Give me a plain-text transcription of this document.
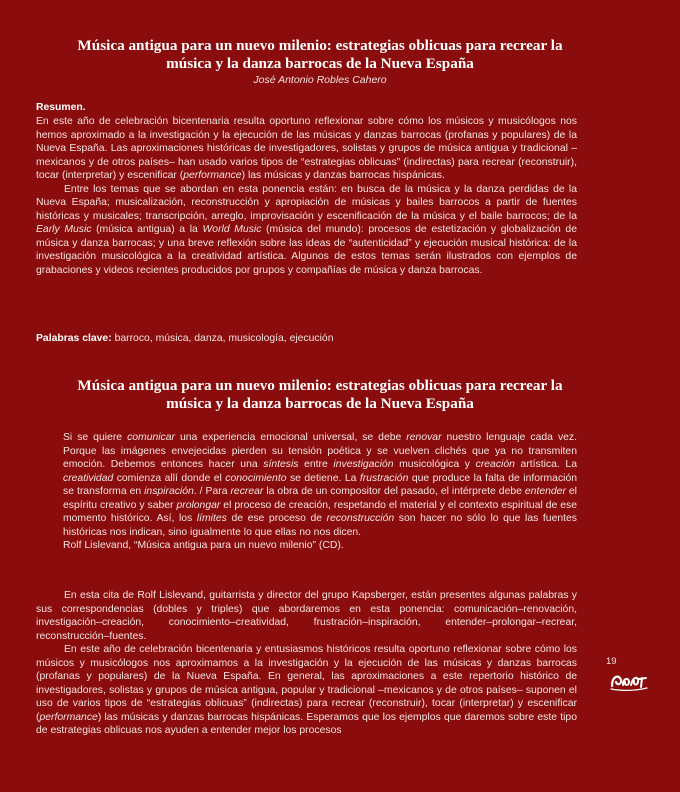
Música antigua para un nuevo milenio: estrategias oblicuas para recrear la
música y la danza barrocas de la Nueva España

José Antonio Robles Cahero

Resumen.

En este año de celebración bicentenaria resulta oportuno reflexionar sobre cómo los músicos y musicólogos nos hemos aproximado a la investigación y la ejecución de las músicas y danzas barrocas (profanas y populares) de la Nueva España. Las aproximaciones históricas de investigadores, solistas y grupos de música antigua y tradicional –mexicanos y de otros países– han usado varios tipos de “estrategias oblicuas” (indirectas) para recrear (reconstruir), tocar (interpretar) y escenificar (performance) las músicas y danzas barrocas hispánicas.

Entre los temas que se abordan en esta ponencia están: en busca de la música y la danza perdidas de la Nueva España; musicalización, reconstrucción y apropiación de músicas y bailes barrocos a partir de fuentes históricas y musicales; transcripción, arreglo, improvisación y escenificación de la música y el baile barrocos; de la Early Music (música antigua) a la World Music (música del mundo): procesos de estetización y globalización de música y danza barrocas; y una breve reflexión sobre las ideas de “autenticidad” y ejecución musical histórica: de la investigación musicológica a la creatividad artística. Algunos de estos temas serán ilustrados con ejemplos de grabaciones y videos recientes producidos por grupos y compañías de música y danza barrocas.

Palabras clave: barroco, música, danza, musicología, ejecución

Música antigua para un nuevo milenio: estrategias oblicuas para recrear la
música y la danza barrocas de la Nueva España

Si se quiere comunicar una experiencia emocional universal, se debe renovar nuestro lenguaje cada vez. Porque las imágenes envejecidas pierden su tensión poética y se vuelven clichés que ya no transmiten emoción. Debemos entonces hacer una síntesis entre investigación musicológica y creación artística. La creatividad comienza allí donde el conocimiento se detiene. La frustración que produce la falta de información se transforma en inspiración. / Para recrear la obra de un compositor del pasado, el intérprete debe entender el espíritu creativo y saber prolongar el proceso de creación, respetando el material y el contexto espiritual de ese momento histórico. Así, los límites de ese proceso de reconstrucción son hacer no sólo lo que las fuentes históricas nos indican, sino igualmente lo que ellas no nos dicen.

Rolf Lislevand, “Música antigua para un nuevo milenio” (CD).

En esta cita de Rolf Lislevand, guitarrista y director del grupo Kapsberger, están presentes algunas palabras y sus correspondencias (dobles y triples) que abordaremos en esta ponencia: comunicación–renovación, investigación–creación, conocimiento–creatividad, frustración–inspiración, entender–prolongar–recrear, reconstrucción–fuentes.

En este año de celebración bicentenaria y entusiasmos históricos resulta oportuno reflexionar sobre cómo los músicos y musicólogos nos aproximamos a la investigación y la ejecución de las músicas y danzas barrocas (profanas y populares) de la Nueva España. En general, las aproximaciones a este repertorio histórico de investigadores, solistas y grupos de música antigua, popular y tradicional –mexicanos y de otros países– suponen el uso de varios tipos de “estrategias oblicuas” (indirectas) para recrear (reconstruir), tocar (interpretar) y escenificar (performance) las músicas y danzas barrocas hispánicas. Esperamos que los ejemplos que daremos sobre este tipo de estrategias oblicuas nos ayuden a entender mejor los procesos

19
